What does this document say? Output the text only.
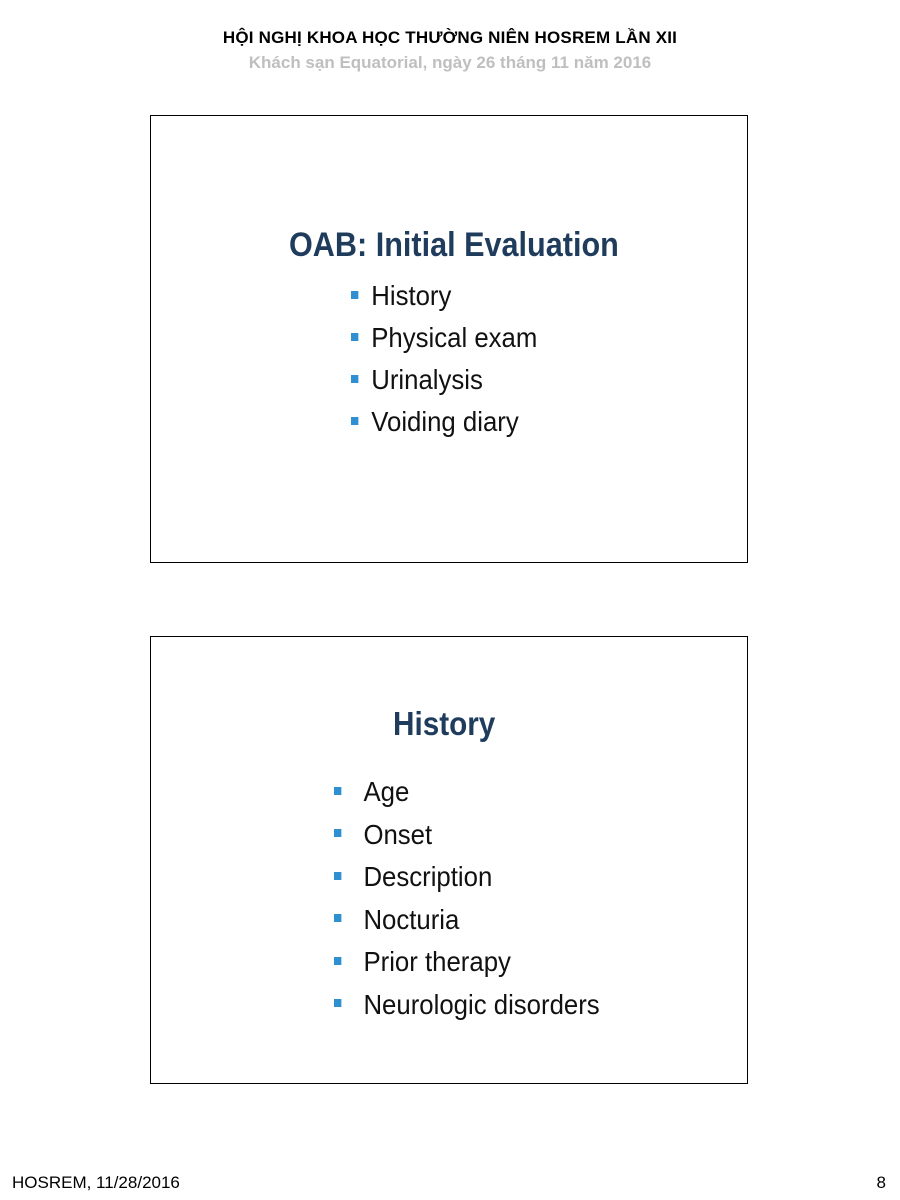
HỘI NGHỊ KHOA HỌC THƯỜNG NIÊN HOSREM LẦN XII
Khách sạn Equatorial, ngày 26 tháng 11 năm 2016
OAB: Initial Evaluation
History
Physical exam
Urinalysis
Voiding diary
History
Age
Onset
Description
Nocturia
Prior therapy
Neurologic disorders
HOSREM, 11/28/2016	8
